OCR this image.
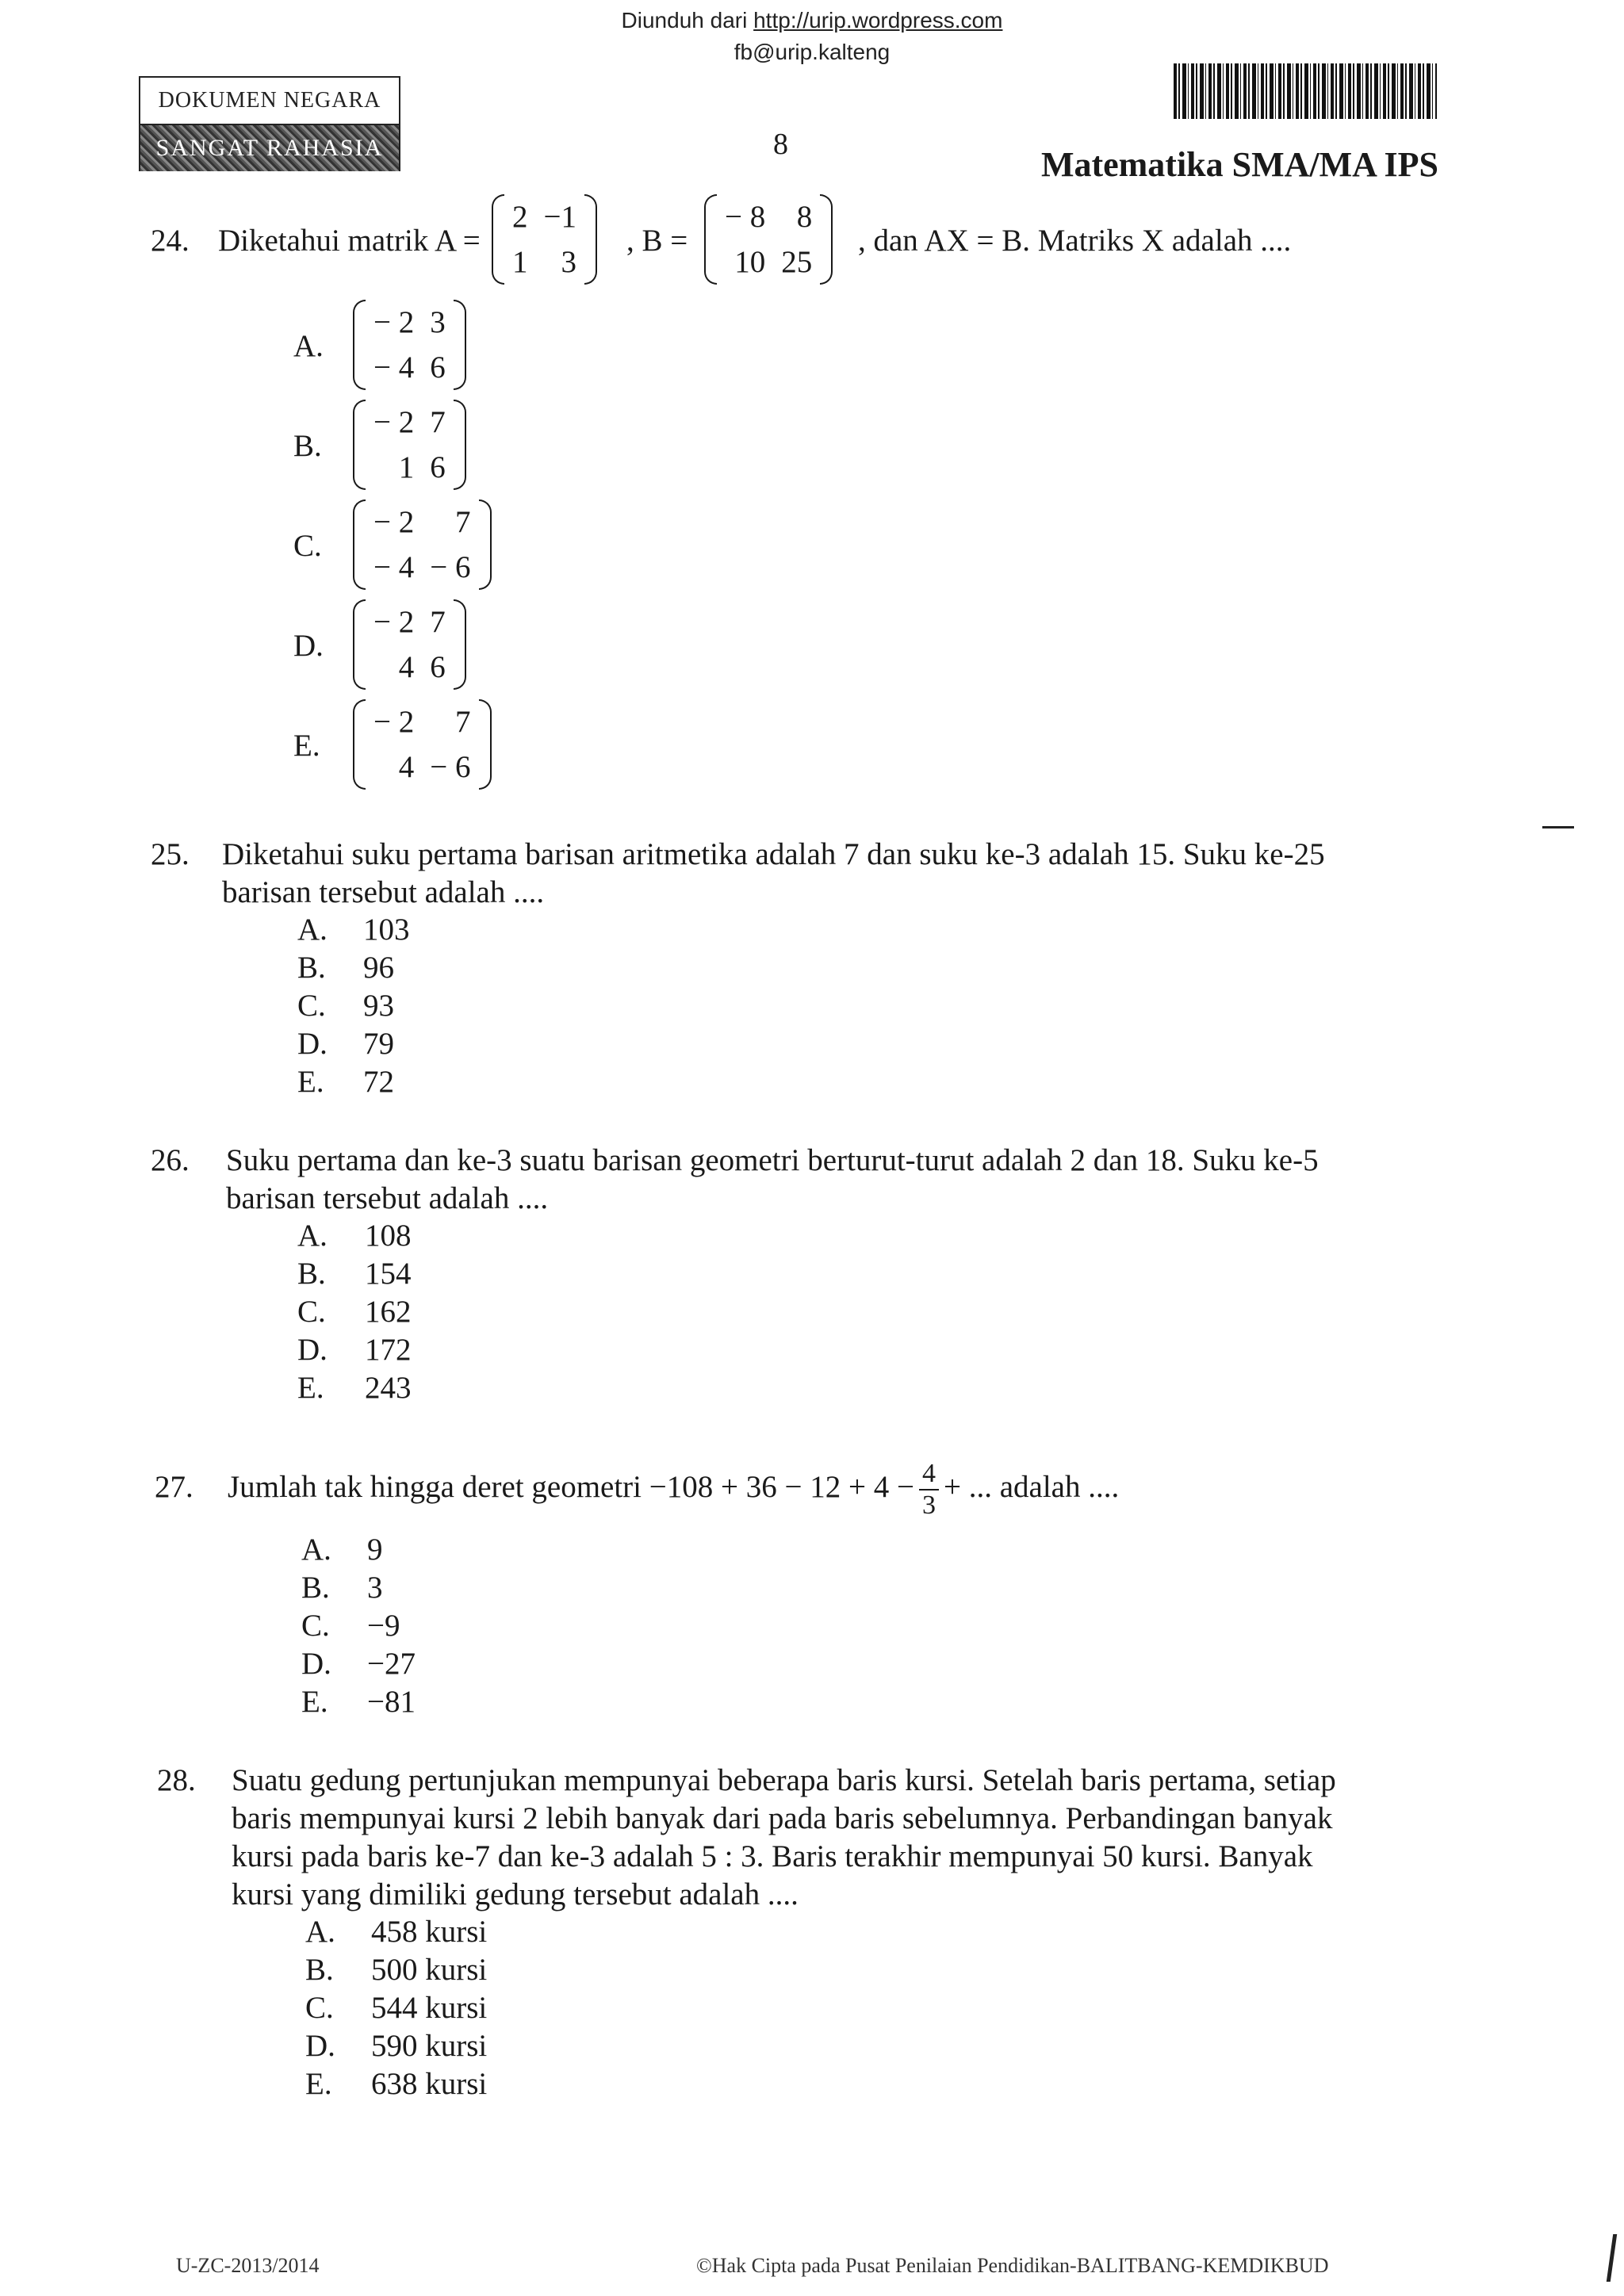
Diunduh dari http://urip.wordpress.com
fb@urip.kalteng
DOKUMEN NEGARA
SANGAT RAHASIA	8
Matematika SMA/MA IPS
24. Diketahui matrik A =
2	−1
1	3
, B =
− 8	8
10	25
, dan AX = B. Matriks X adalah ....
A.
− 2	3
− 4	6
B.
− 2	7
1	6
C.
− 2	7
− 4	− 6
D.
− 2	7
4	6
E.
− 2	7
4	− 6
25. Diketahui suku pertama barisan aritmetika adalah 7 dan suku ke-3 adalah 15. Suku ke-25
barisan tersebut adalah ....
A. 103
B. 96
C. 93
D. 79
E. 72
26. Suku pertama dan ke-3 suatu barisan geometri berturut-turut adalah 2 dan 18. Suku ke-5
barisan tersebut adalah ....
A. 108
B. 154
C. 162
D. 172
E. 243
27. Jumlah tak hingga deret geometri $-108 + 36 - 12 + 4 - \frac{4}{3}$ + ... adalah ....
A. 9
B. 3
C. −9
D. −27
E. −81
28. Suatu gedung pertunjukan mempunyai beberapa baris kursi. Setelah baris pertama, setiap
baris mempunyai kursi 2 lebih banyak dari pada baris sebelumnya. Perbandingan banyak
kursi pada baris ke-7 dan ke-3 adalah 5 : 3. Baris terakhir mempunyai 50 kursi. Banyak
kursi yang dimiliki gedung tersebut adalah ....
A. 458 kursi
B. 500 kursi
C. 544 kursi
D. 590 kursi
E. 638 kursi
U-ZC-2013/2014	©Hak Cipta pada Pusat Penilaian Pendidikan-BALITBANG-KEMDIKBUD
